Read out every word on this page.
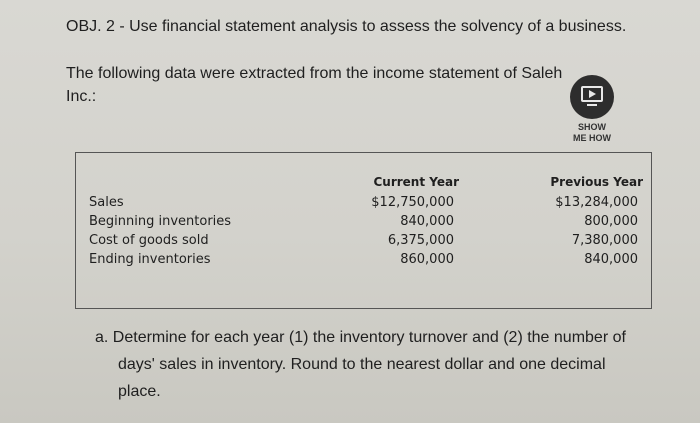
OBJ. 2 - Use financial statement analysis to assess the solvency of a business.
The following data were extracted from the income statement of Saleh Inc.:
SHOW
ME HOW
Current Year	Previous Year
Sales
Beginning inventories
Cost of goods sold
Ending inventories
$12,750,000
840,000
6,375,000
860,000
$13,284,000
800,000
7,380,000
840,000
a. Determine for each year (1) the inventory turnover and (2) the number of
days' sales in inventory. Round to the nearest dollar and one decimal
place.
